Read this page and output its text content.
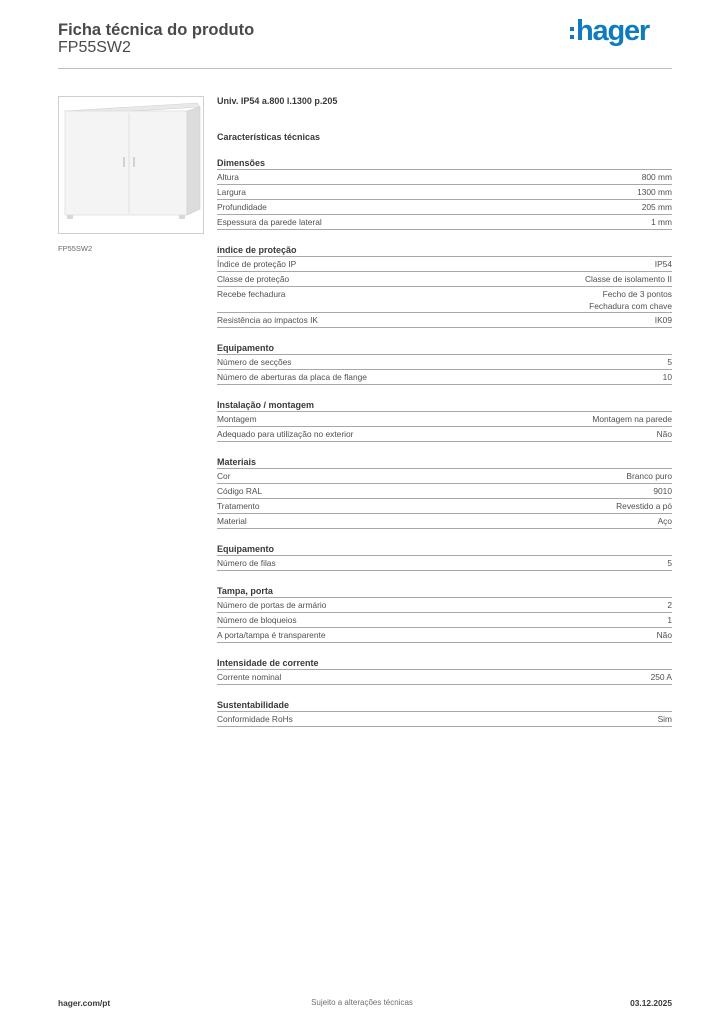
Ficha técnica do produto
FP55SW2
hager
FP55SW2
Univ. IP54 a.800 l.1300 p.205
Características técnicas
Dimensões
Altura	800 mm
Largura	1300 mm
Profundidade	205 mm
Espessura da parede lateral	1 mm
índice de proteção
Índice de proteção IP	IP54
Classe de proteção	Classe de isolamento II
Recebe fechadura	Fecho de 3 pontos
Fechadura com chave
Resistência ao impactos IK	IK09
Equipamento
Número de secções	5
Número de aberturas da placa de flange	10
Instalação / montagem
Montagem	Montagem na parede
Adequado para utilização no exterior	Não
Materiais
Cor	Branco puro
Código RAL	9010
Tratamento	Revestido a pó
Material	Aço
Equipamento
Número de filas	5
Tampa, porta
Número de portas de armário	2
Número de bloqueios	1
A porta/tampa é transparente	Não
Intensidade de corrente
Corrente nominal	250 A
Sustentabilidade
Conformidade RoHs	Sim
hager.com/pt	Sujeito a alterações técnicas	03.12.2025
